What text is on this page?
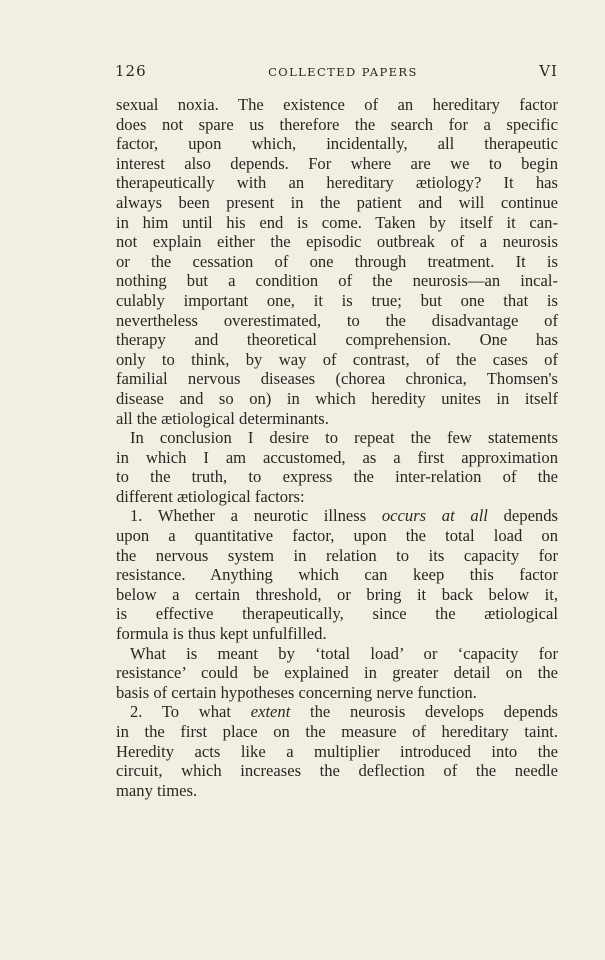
126	COLLECTED PAPERS	VI
sexual noxia. The existence of an hereditary factor
does not spare us therefore the search for a specific
factor, upon which, incidentally, all therapeutic
interest also depends. For where are we to begin
therapeutically with an hereditary ætiology? It has
always been present in the patient and will continue
in him until his end is come. Taken by itself it can-
not explain either the episodic outbreak of a neurosis
or the cessation of one through treatment. It is
nothing but a condition of the neurosis—an incal-
culably important one, it is true; but one that is
nevertheless overestimated, to the disadvantage of
therapy and theoretical comprehension. One has
only to think, by way of contrast, of the cases of
familial nervous diseases (chorea chronica, Thomsen's
disease and so on) in which heredity unites in itself
all the ætiological determinants.
In conclusion I desire to repeat the few statements
in which I am accustomed, as a first approximation
to the truth, to express the inter-relation of the
different ætiological factors:
1. Whether a neurotic illness occurs at all depends
upon a quantitative factor, upon the total load on
the nervous system in relation to its capacity for
resistance. Anything which can keep this factor
below a certain threshold, or bring it back below it,
is effective therapeutically, since the ætiological
formula is thus kept unfulfilled.
What is meant by ‘total load’ or ‘capacity for
resistance’ could be explained in greater detail on the
basis of certain hypotheses concerning nerve function.
2. To what extent the neurosis develops depends
in the first place on the measure of hereditary taint.
Heredity acts like a multiplier introduced into the
circuit, which increases the deflection of the needle
many times.
